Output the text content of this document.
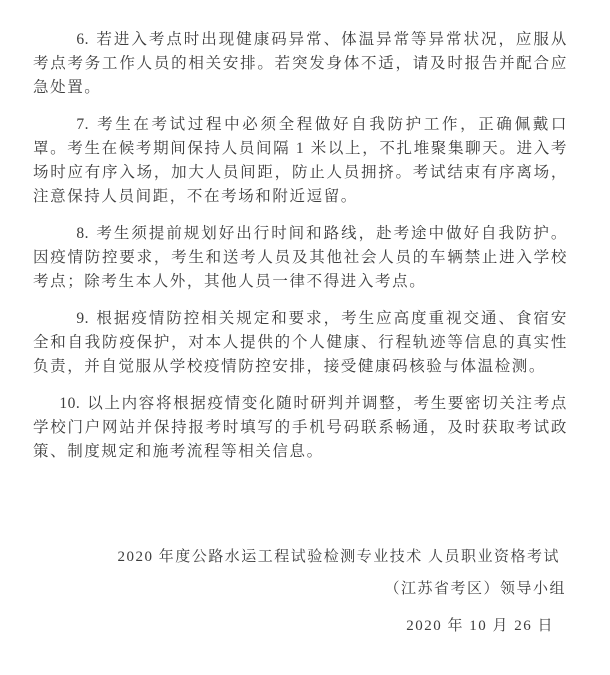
6. 若进入考点时出现健康码异常、体温异常等异常状况，应服从考点考务工作人员的相关安排。若突发身体不适，请及时报告并配合应急处置。

7. 考生在考试过程中必须全程做好自我防护工作，正确佩戴口罩。考生在候考期间保持人员间隔 1 米以上，不扎堆聚集聊天。进入考场时应有序入场，加大人员间距，防止人员拥挤。考试结束有序离场，注意保持人员间距，不在考场和附近逗留。

8. 考生须提前规划好出行时间和路线，赴考途中做好自我防护。 因疫情防控要求，考生和送考人员及其他社会人员的车辆禁止进入学校考点；除考生本人外，其他人员一律不得进入考点。

9. 根据疫情防控相关规定和要求，考生应高度重视交通、食宿安全和自我防疫保护，对本人提供的个人健康、行程轨迹等信息的真实性负责，并自觉服从学校疫情防控安排，接受健康码核验与体温检测。

10. 以上内容将根据疫情变化随时研判并调整，考生要密切关注考点学校门户网站并保持报考时填写的手机号码联系畅通，及时获取考试政策、制度规定和施考流程等相关信息。

2020 年度公路水运工程试验检测专业技术 人员职业资格考试

（江苏省考区）领导小组

2020 年 10 月 26 日
